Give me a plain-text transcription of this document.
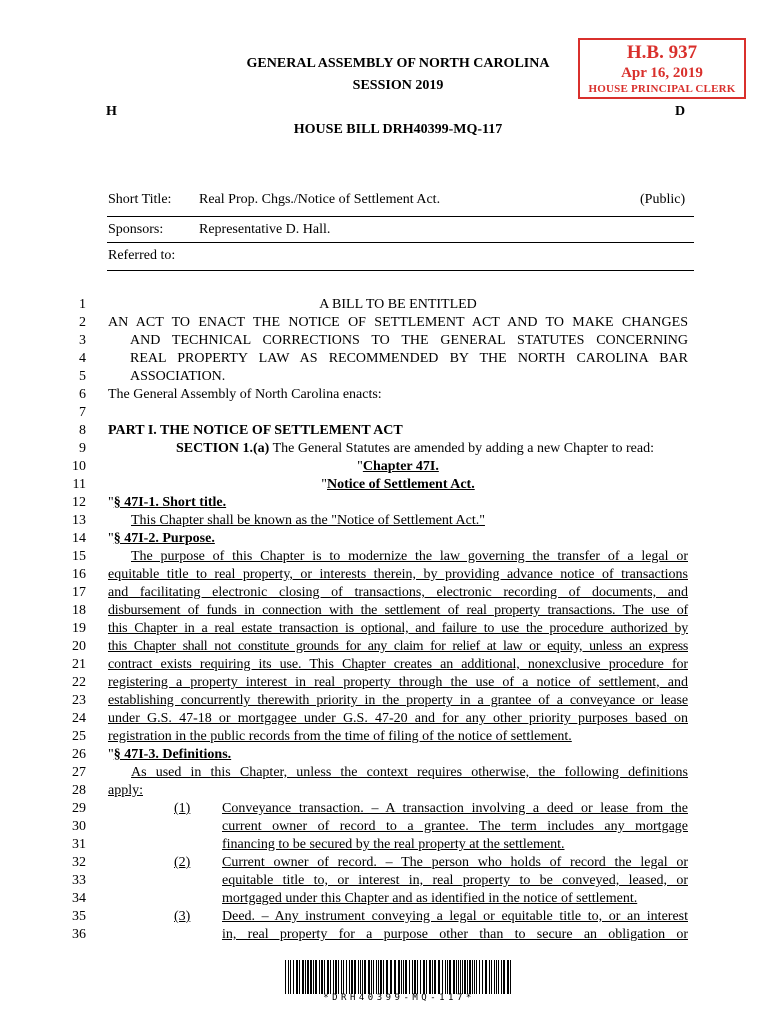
H.B. 937
Apr 16, 2019
HOUSE PRINCIPAL CLERK
GENERAL ASSEMBLY OF NORTH CAROLINA
SESSION 2019
H	D
HOUSE BILL DRH40399-MQ-117
Short Title: Real Prop. Chgs./Notice of Settlement Act.	(Public)
Sponsors:	Representative D. Hall.
Referred to:
1
2
3
4
5
6
7
8
9
10
11
12
13
14
15
16
17
18
19
20
21
22
23
24
25
26
27
28
29
30
31
32
33
34
35
36
A BILL TO BE ENTITLED
AN ACT TO ENACT THE NOTICE OF SETTLEMENT ACT AND TO MAKE CHANGES
AND TECHNICAL CORRECTIONS TO THE GENERAL STATUTES CONCERNING
REAL PROPERTY LAW AS RECOMMENDED BY THE NORTH CAROLINA BAR
ASSOCIATION.
The General Assembly of North Carolina enacts:
PART I. THE NOTICE OF SETTLEMENT ACT
SECTION 1.(a) The General Statutes are amended by adding a new Chapter to read:
"Chapter 47I.
"Notice of Settlement Act.
"§ 47I-1. Short title.
This Chapter shall be known as the "Notice of Settlement Act."
"§ 47I-2. Purpose.
The purpose of this Chapter is to modernize the law governing the transfer of a legal or
equitable title to real property, or interests therein, by providing advance notice of transactions
and facilitating electronic closing of transactions, electronic recording of documents, and
disbursement of funds in connection with the settlement of real property transactions. The use of
this Chapter in a real estate transaction is optional, and failure to use the procedure authorized by
this Chapter shall not constitute grounds for any claim for relief at law or equity, unless an express
contract exists requiring its use. This Chapter creates an additional, nonexclusive procedure for
registering a property interest in real property through the use of a notice of settlement, and
establishing concurrently therewith priority in the property in a grantee of a conveyance or lease
under G.S. 47-18 or mortgagee under G.S. 47-20 and for any other priority purposes based on
registration in the public records from the time of filing of the notice of settlement.
"§ 47I-3. Definitions.
As used in this Chapter, unless the context requires otherwise, the following definitions
apply:
(1)	Conveyance transaction. – A transaction involving a deed or lease from the
current owner of record to a grantee. The term includes any mortgage
financing to be secured by the real property at the settlement.
(2)	Current owner of record. – The person who holds of record the legal or
equitable title to, or interest in, real property to be conveyed, leased, or
mortgaged under this Chapter and as identified in the notice of settlement.
(3)	Deed. – Any instrument conveying a legal or equitable title to, or an interest
in, real property for a purpose other than to secure an obligation or
*DRH40399-MQ-117*
